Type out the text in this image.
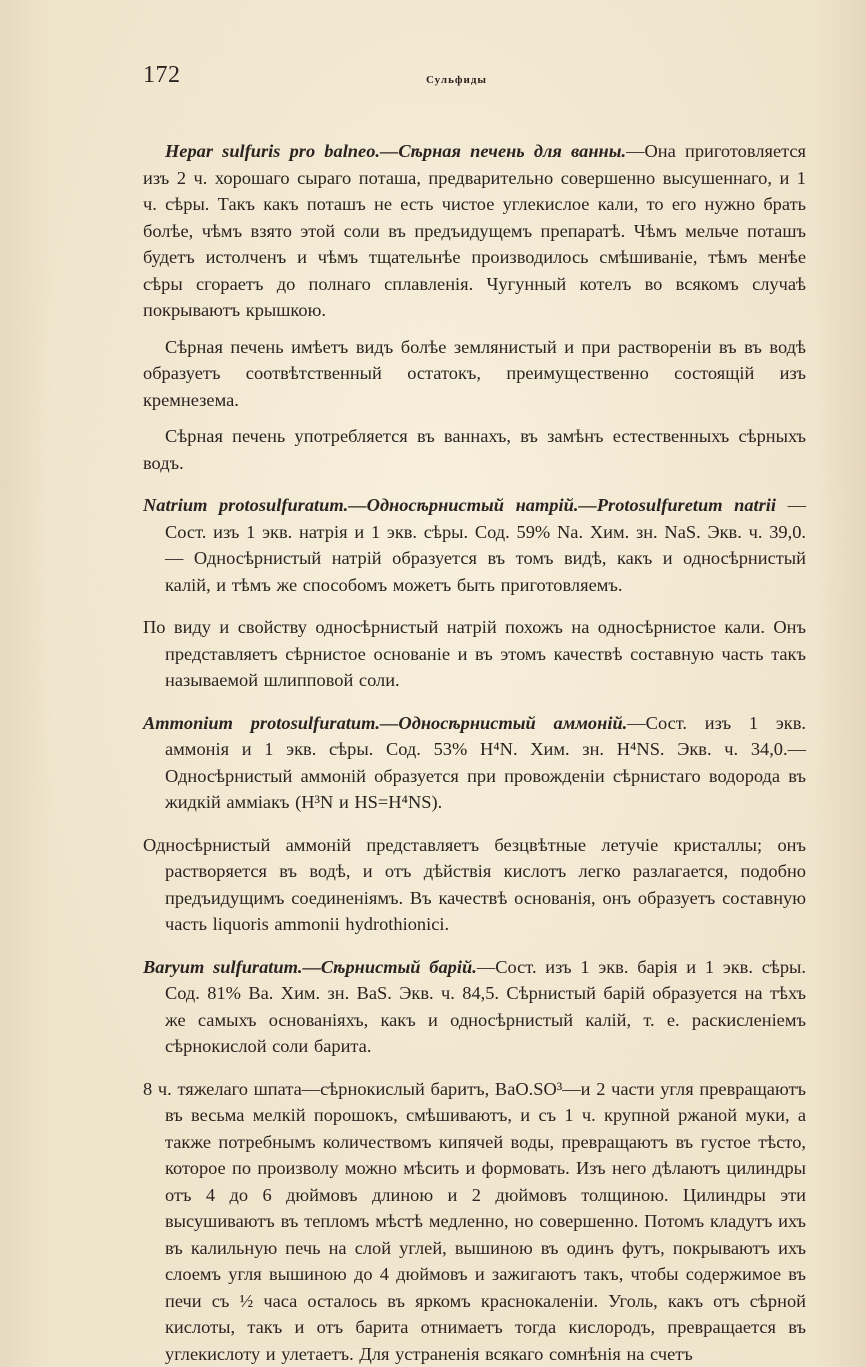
172	Сульфиды

Hepar sulfuris pro balneo.—Сѣрная печень для ванны.—Она приготовляется изъ 2 ч. хорошаго сыраго поташа, предварительно совершенно высушеннаго, и 1 ч. сѣры. Такъ какъ поташъ не есть чистое углекислое кали, то его нужно брать болѣе, чѣмъ взято этой соли въ предъидущемъ препаратѣ. Чѣмъ мельче поташъ будетъ истолченъ и чѣмъ тщательнѣе производилось смѣшиваніе, тѣмъ менѣе сѣры сгораетъ до полнаго сплавленія. Чугунный котелъ во всякомъ случаѣ покрываютъ крышкою.

Сѣрная печень имѣетъ видъ болѣе землянистый и при раствореніи въ въ водѣ образуетъ соотвѣтственный остатокъ, преимущественно состоящій изъ кремнезема.

Сѣрная печень употребляется въ ваннахъ, въ замѣнъ естественныхъ сѣрныхъ водъ.

Natrium protosulfuratum.—Односѣрнистый натрій.—Protosulfuretum natrii — Сост. изъ 1 экв. натрія и 1 экв. сѣры. Сод. 59% Na. Хим. зн. NaS. Экв. ч. 39,0. — Односѣрнистый натрій образуется въ томъ видѣ, какъ и односѣрнистый калій, и тѣмъ же способомъ можетъ быть приготовляемъ.

По виду и свойству односѣрнистый натрій похожъ на односѣрнистое кали. Онъ представляетъ сѣрнистое основаніе и въ этомъ качествѣ составную часть такъ называемой шлипповой соли.

Ammonium protosulfuratum.—Односѣрнистый аммоній.—Сост. изъ 1 экв. аммонія и 1 экв. сѣры. Сод. 53% H⁴N. Хим. зн. H⁴NS. Экв. ч. 34,0.—Односѣрнистый аммоній образуется при провожденіи сѣрнистаго водорода въ жидкій амміакъ (H³N и HS=H⁴NS).

Односѣрнистый аммоній представляетъ безцвѣтные летучіе кристаллы; онъ растворяется въ водѣ, и отъ дѣйствія кислотъ легко разлагается, подобно предъидущимъ соединеніямъ. Въ качествѣ основанія, онъ образуетъ составную часть liquoris ammonii hydrothionici.

Baryum sulfuratum.—Сѣрнистый барій.—Сост. изъ 1 экв. барія и 1 экв. сѣры. Сод. 81% Ba. Хим. зн. BaS. Экв. ч. 84,5. Сѣрнистый барій образуется на тѣхъ же самыхъ основаніяхъ, какъ и односѣрнистый калій, т. е. раскисленіемъ сѣрнокислой соли барита.

8 ч. тяжелаго шпата—сѣрнокислый баритъ, BaO.SO³—и 2 части угля превращаютъ въ весьма мелкій порошокъ, смѣшиваютъ, и съ 1 ч. крупной ржаной муки, а также потребнымъ количествомъ кипячей воды, превращаютъ въ густое тѣсто, которое по произволу можно мѣсить и формовать. Изъ него дѣлаютъ цилиндры отъ 4 до 6 дюймовъ длиною и 2 дюймовъ толщиною. Цилиндры эти высушиваютъ въ тепломъ мѣстѣ медленно, но совершенно. Потомъ кладутъ ихъ въ калильную печь на слой углей, вышиною въ одинъ футъ, покрываютъ ихъ слоемъ угля вышиною до 4 дюймовъ и зажигаютъ такъ, чтобы содержимое въ печи съ ½ часа осталось въ яркомъ краснокаленіи. Уголь, какъ отъ сѣрной кислоты, такъ и отъ барита отнимаетъ тогда кислородъ, превращается въ углекислоту и улетаетъ. Для устраненія всякаго сомнѣнія на счетъ
